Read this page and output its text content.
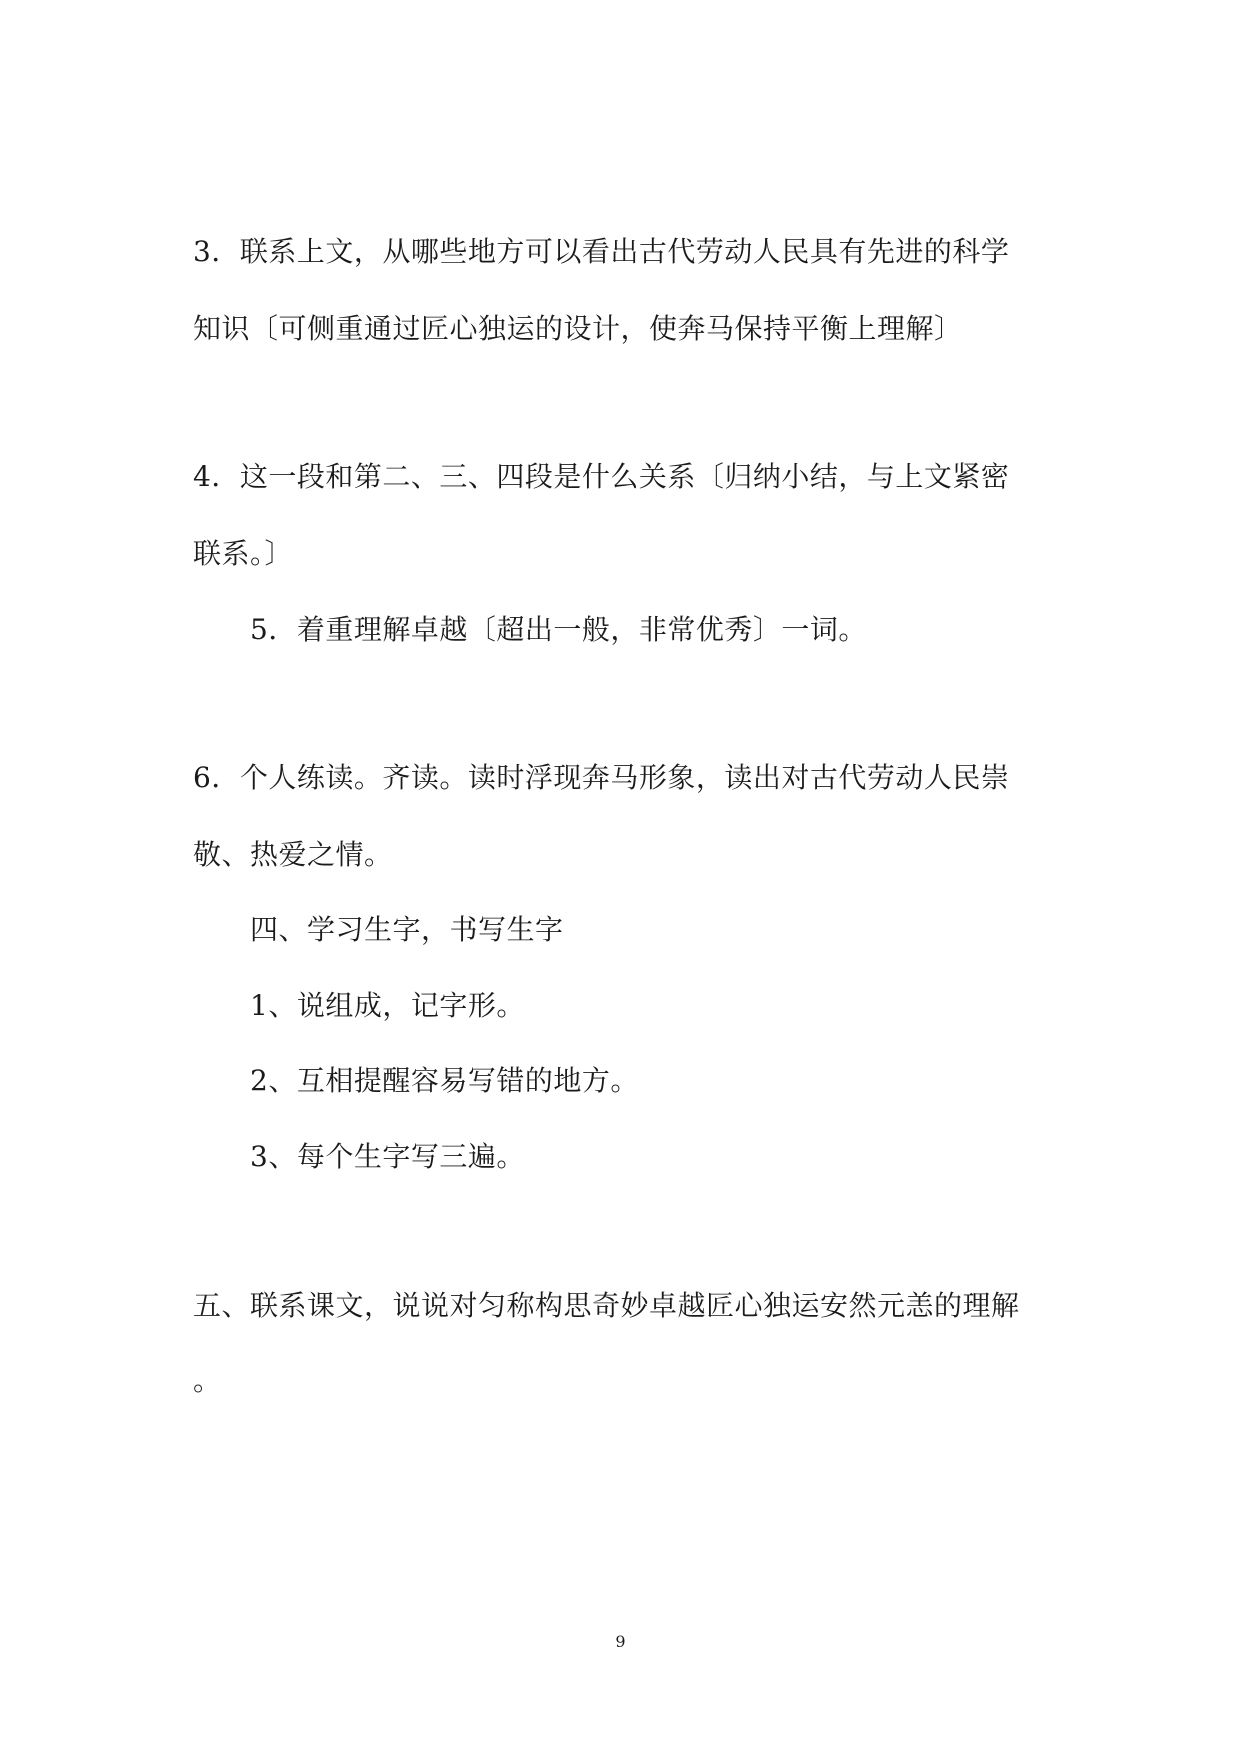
3．联系上文，从哪些地方可以看出古代劳动人民具有先进的科学
知识〔可侧重通过匠心独运的设计，使奔马保持平衡上理解〕
4．这一段和第二、三、四段是什么关系〔归纳小结，与上文紧密
联系。〕
5．着重理解卓越〔超出一般，非常优秀〕一词。
6．个人练读。齐读。读时浮现奔马形象，读出对古代劳动人民崇
敬、热爱之情。
四、学习生字，书写生字
1、说组成，记字形。
2、互相提醒容易写错的地方。
3、每个生字写三遍。
五、联系课文，说说对匀称构思奇妙卓越匠心独运安然元恙的理解
。
9
